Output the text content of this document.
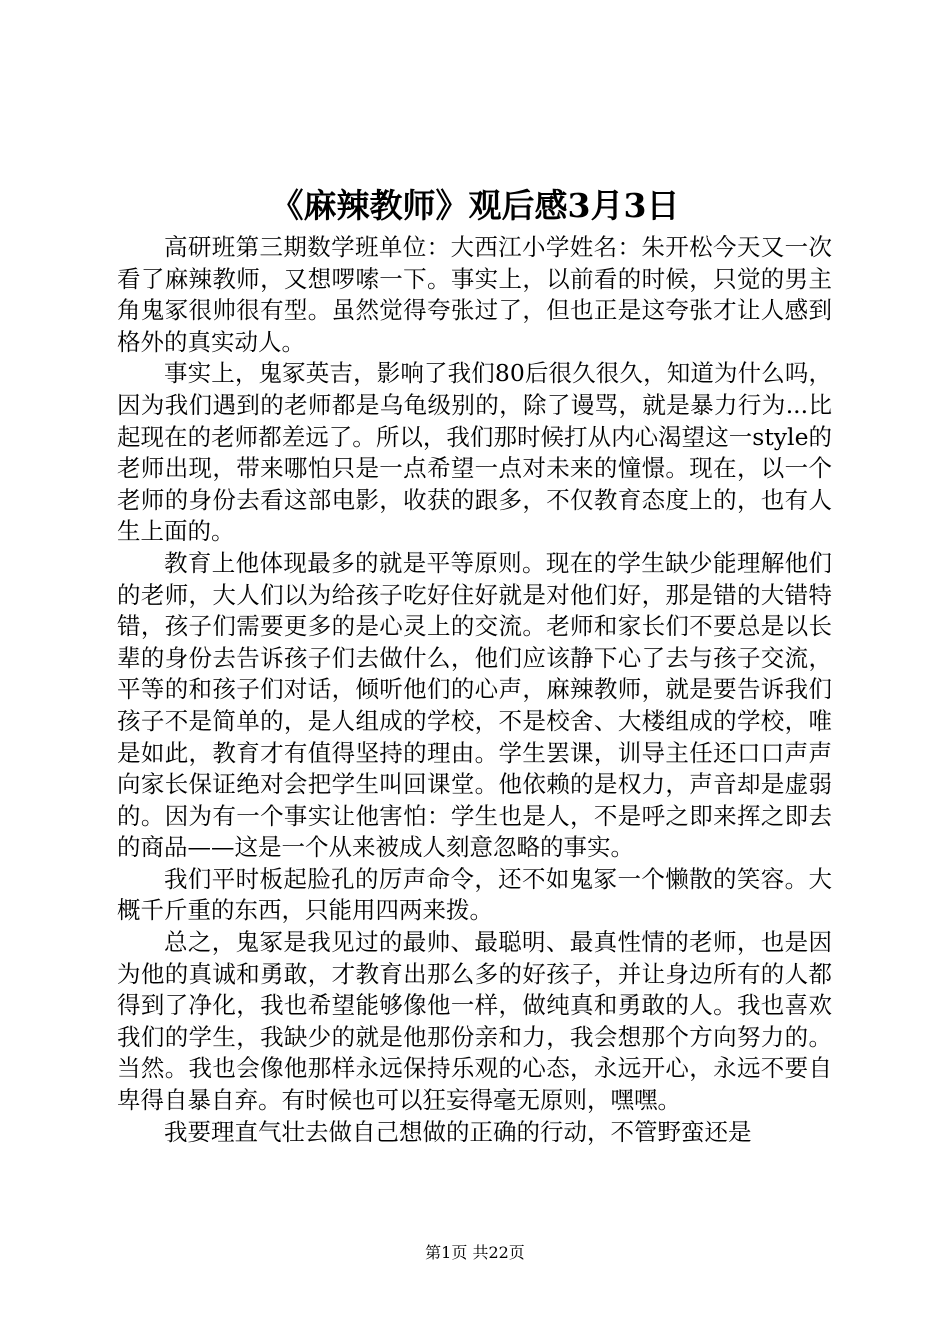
《麻辣教师》观后感3月3日

高研班第三期数学班单位：大西江小学姓名：朱开松今天又一次看了麻辣教师，又想啰嗦一下。事实上，以前看的时候，只觉的男主角鬼冢很帅很有型。虽然觉得夸张过了，但也正是这夸张才让人感到格外的真实动人。

事实上，鬼冢英吉，影响了我们80后很久很久，知道为什么吗，因为我们遇到的老师都是乌龟级别的，除了谩骂，就是暴力行为...比起现在的老师都差远了。所以，我们那时候打从内心渴望这一style的老师出现，带来哪怕只是一点希望一点对未来的憧憬。现在，以一个老师的身份去看这部电影，收获的跟多，不仅教育态度上的，也有人生上面的。

教育上他体现最多的就是平等原则。现在的学生缺少能理解他们的老师，大人们以为给孩子吃好住好就是对他们好，那是错的大错特错，孩子们需要更多的是心灵上的交流。老师和家长们不要总是以长辈的身份去告诉孩子们去做什么，他们应该静下心了去与孩子交流，平等的和孩子们对话，倾听他们的心声，麻辣教师，就是要告诉我们孩子不是简单的，是人组成的学校，不是校舍、大楼组成的学校，唯是如此，教育才有值得坚持的理由。学生罢课，训导主任还口口声声向家长保证绝对会把学生叫回课堂。他依赖的是权力，声音却是虚弱的。因为有一个事实让他害怕：学生也是人，不是呼之即来挥之即去的商品——这是一个从来被成人刻意忽略的事实。

我们平时板起脸孔的厉声命令，还不如鬼冢一个懒散的笑容。大概千斤重的东西，只能用四两来拨。

总之，鬼冢是我见过的最帅、最聪明、最真性情的老师，也是因为他的真诚和勇敢，才教育出那么多的好孩子，并让身边所有的人都得到了净化，我也希望能够像他一样，做纯真和勇敢的人。我也喜欢我们的学生，我缺少的就是他那份亲和力，我会想那个方向努力的。当然。我也会像他那样永远保持乐观的心态，永远开心，永远不要自卑得自暴自弃。有时候也可以狂妄得毫无原则，嘿嘿。

我要理直气壮去做自己想做的正确的行动，不管野蛮还是

第1页 共22页
